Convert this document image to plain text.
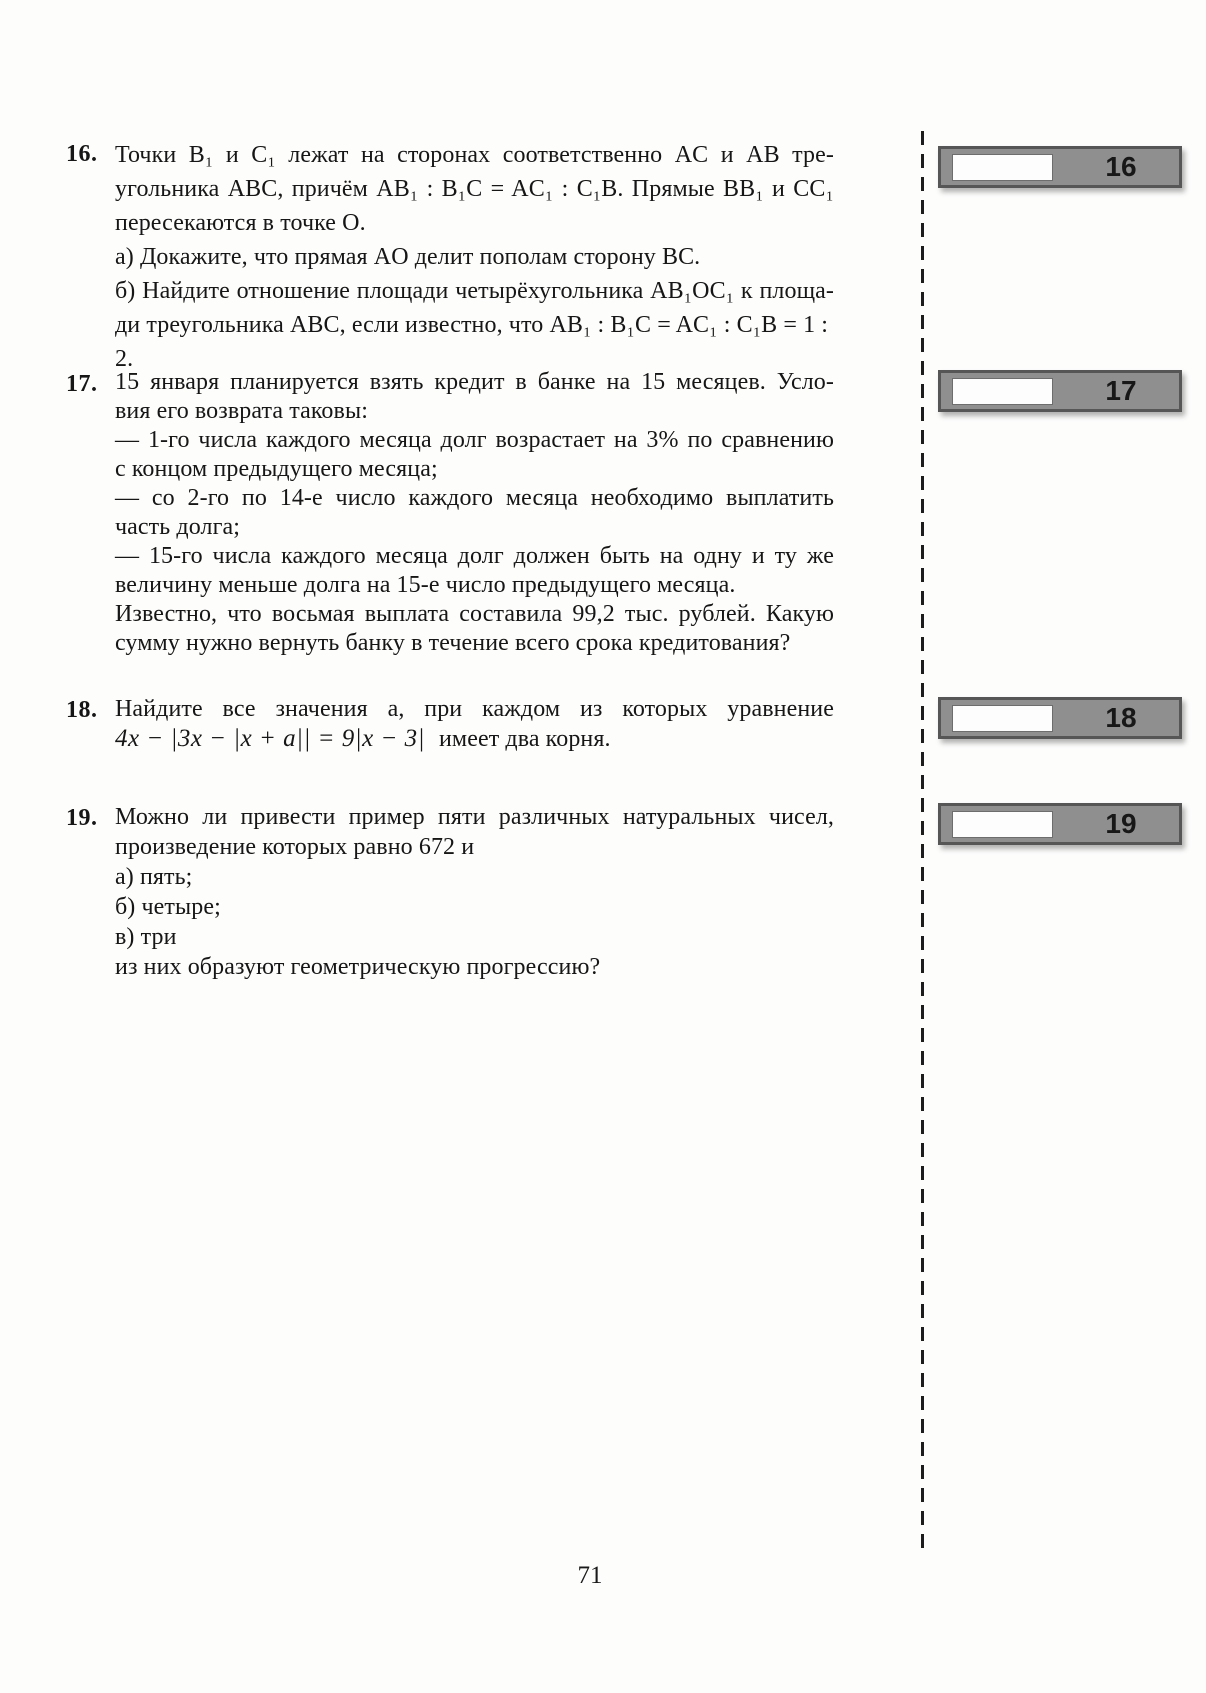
16. Точки B₁ и C₁ лежат на сторонах соответственно AC и AB тре-
угольника ABC, причём AB₁ : B₁C = AC₁ : C₁B. Прямые BB₁ и CC₁
пересекаются в точке O.
а) Докажите, что прямая AO делит пополам сторону BC.
б) Найдите отношение площади четырёхугольника AB₁OC₁ к площа-
ди треугольника ABC, если известно, что AB₁ : B₁C = AC₁ : C₁B = 1 : 2.
17. 15 января планируется взять кредит в банке на 15 месяцев. Усло-
вия его возврата таковы:
— 1-го числа каждого месяца долг возрастает на 3% по сравнению
с концом предыдущего месяца;
— со 2-го по 14-е число каждого месяца необходимо выплатить
часть долга;
— 15-го числа каждого месяца долг должен быть на одну и ту же
величину меньше долга на 15-е число предыдущего месяца.
Известно, что восьмая выплата составила 99,2 тыс. рублей. Какую
сумму нужно вернуть банку в течение всего срока кредитования?
18. Найдите все значения a, при каждом из которых уравнение
4x − |3x − |x + a|| = 9|x − 3| имеет два корня.
19. Можно ли привести пример пяти различных натуральных чисел,
произведение которых равно 672 и
а) пять;
б) четыре;
в) три
из них образуют геометрическую прогрессию?
16
17
18
19
71
